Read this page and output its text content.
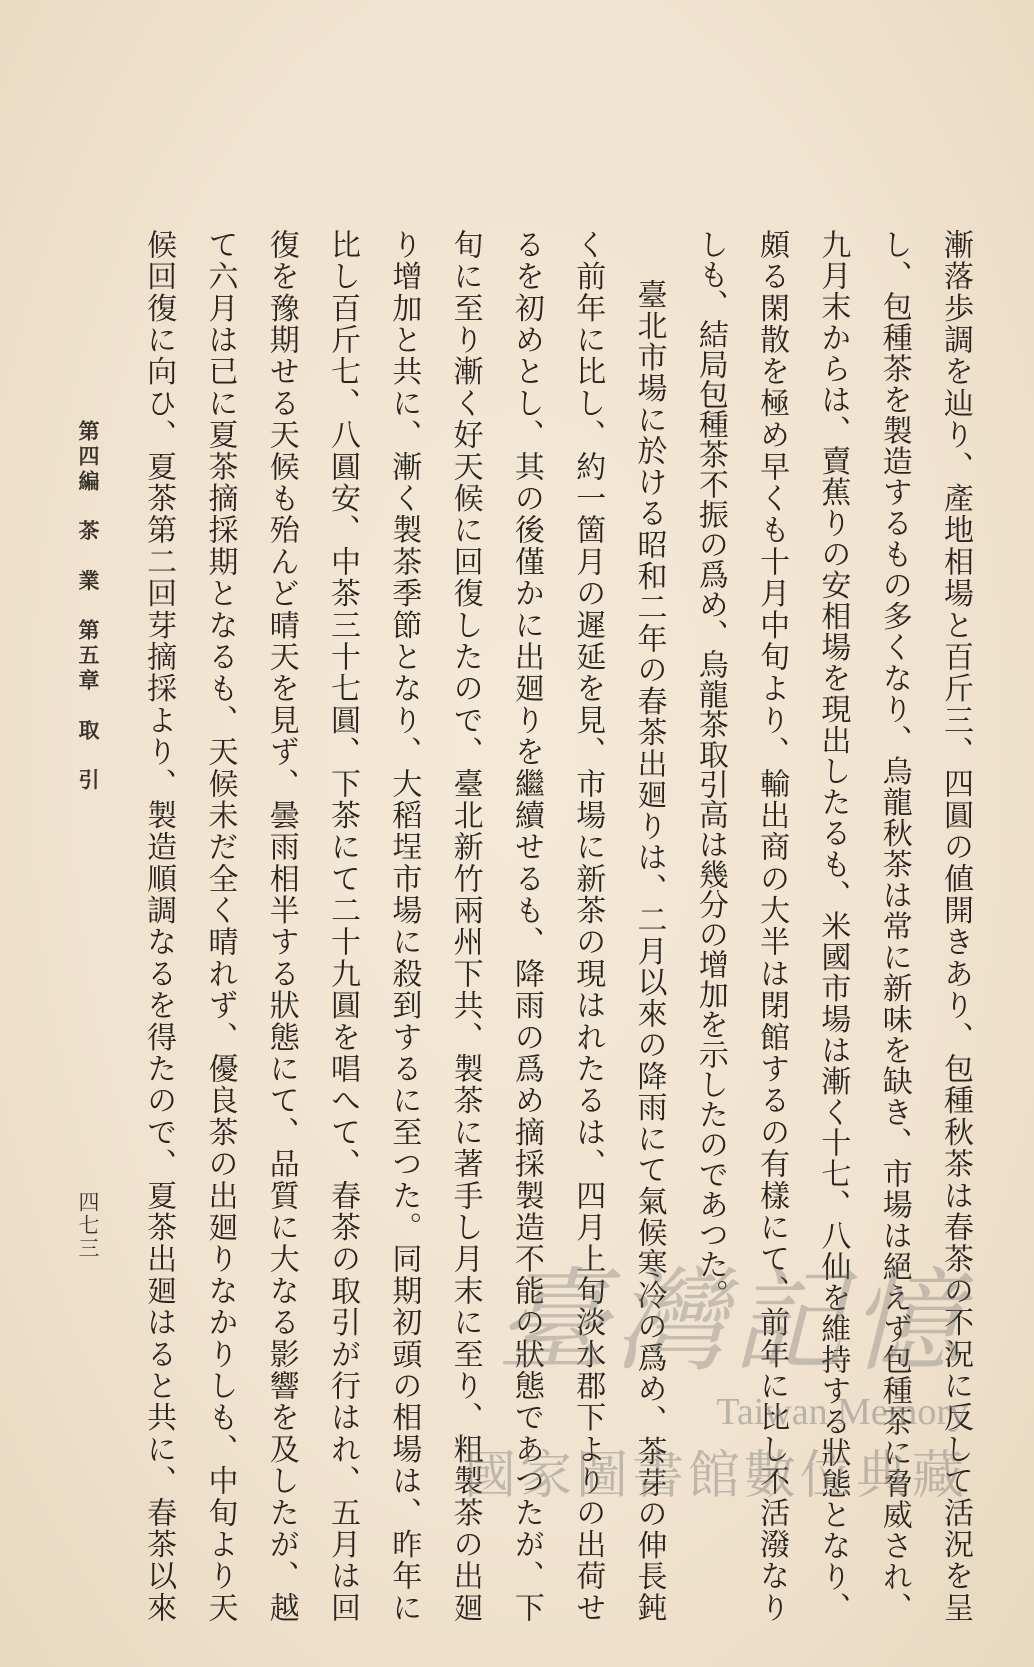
漸落歩調を辿り、產地相場と百斤三、四圓の値開きあり、包種秋茶は春茶の不況に反して活況を呈

し、包種茶を製造するもの多くなり、烏龍秋茶は常に新味を缺き、市場は絕えず包種茶に脅威され、

九月末からは、賣蕉りの安相場を現出したるも、米國市場は漸く十七、八仙を維持する狀態となり、

頗る閑散を極め早くも十月中旬より、輸出商の大半は閉館するの有樣にて、前年に比し不活潑なり

しも、結局包種茶不振の爲め、烏龍茶取引高は幾分の增加を示したのであつた。

臺北市場に於ける昭和二年の春茶出廻りは、二月以來の降雨にて氣候寒冷の爲め、茶芽の伸長鈍

く前年に比し、約一箇月の遲延を見、市場に新茶の現はれたるは、四月上旬淡水郡下よりの出荷せ

るを初めとし、其の後僅かに出廻りを繼續せるも、降雨の爲め摘採製造不能の狀態であつたが、下

旬に至り漸く好天候に回復したので、臺北新竹兩州下共、製茶に著手し月末に至り、粗製茶の出廻

り增加と共に、漸く製茶季節となり、大稻埕市場に殺到するに至つた。同期初頭の相場は、昨年に

比し百斤七、八圓安、中茶三十七圓、下茶にて二十九圓を唱へて、春茶の取引が行はれ、五月は回

復を豫期せる天候も殆んど晴天を見ず、曇雨相半する狀態にて、品質に大なる影響を及したが、越

て六月は已に夏茶摘採期となるも、天候未だ全く晴れず、優良茶の出廻りなかりしも、中旬より天

候回復に向ひ、夏茶第二回芽摘採より、製造順調なるを得たので、夏茶出廻はると共に、春茶以來

第四編　茶　業　第五章　取　引
四七三
臺灣記憶
Taiwan Memory
國家圖書館數位典藏
